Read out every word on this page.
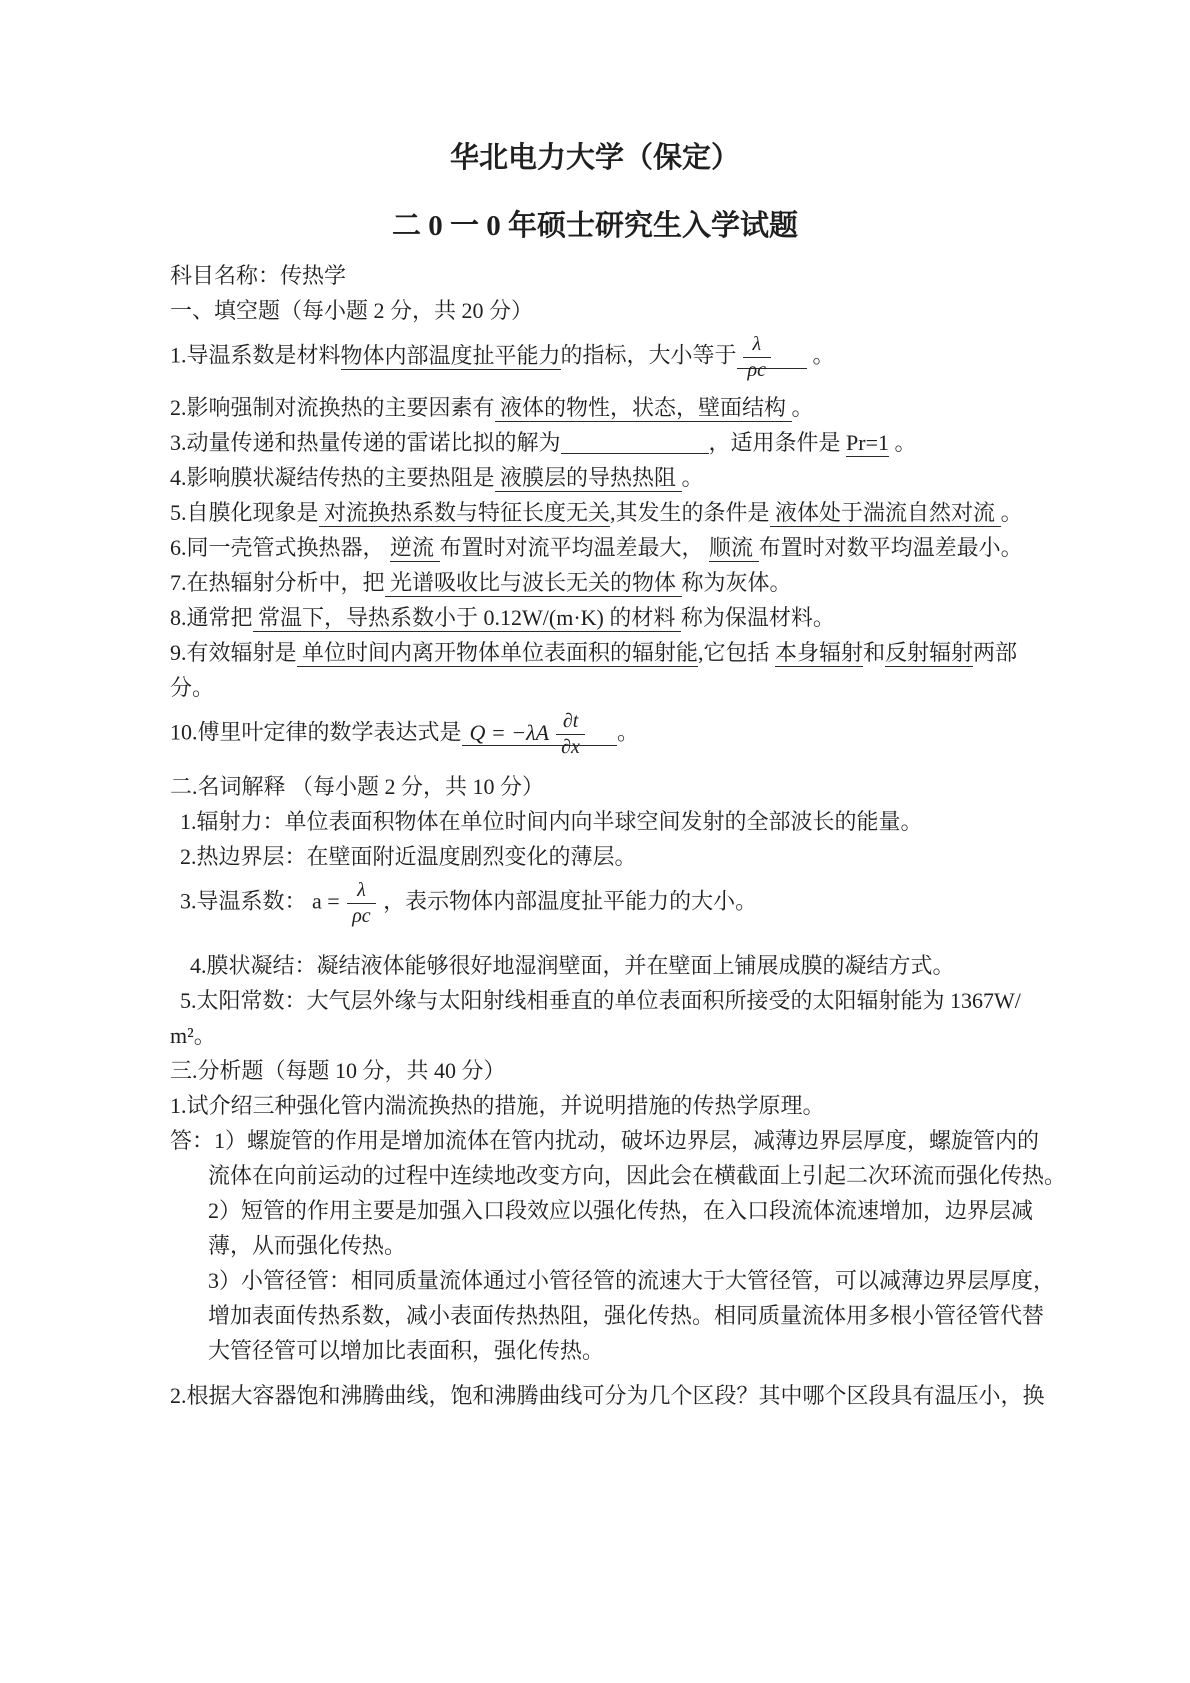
华北电力大学（保定）
二 0 一 0 年硕士研究生入学试题
科目名称：传热学
一、填空题（每小题 2 分，共 20 分）
1.导温系数是材料物体内部温度扯平能力的指标，大小等于 $\frac{\lambda}{\rho c}$ 。
2.影响强制对流换热的主要因素有 液体的物性，状态，壁面结构 。
3.动量传递和热量传递的雷诺比拟的解为	，适用条件是 Pr=1 。
4.影响膜状凝结传热的主要热阻是 液膜层的导热热阻 。
5.自膜化现象是 对流换热系数与特征长度无关,其发生的条件是 液体处于湍流自然对流 。
6.同一壳管式换热器， 逆流 布置时对流平均温差最大， 顺流 布置时对数平均温差最小。
7.在热辐射分析中，把 光谱吸收比与波长无关的物体 称为灰体。
8.通常把 常温下，导热系数小于 0.12W/(m·K) 的材料 称为保温材料。
9.有效辐射是 单位时间内离开物体单位表面积的辐射能,它包括 本身辐射和反射辐射两部
分。
10.傅里叶定律的数学表达式是 $Q = -\lambda A \frac{\partial t}{\partial x}$ 。
二.名词解释 （每小题 2 分，共 10 分）
1.辐射力：单位表面积物体在单位时间内向半球空间发射的全部波长的能量。
2.热边界层：在壁面附近温度剧烈变化的薄层。
3.导温系数： $a = \frac{\lambda}{\rho c}$ ，表示物体内部温度扯平能力的大小。
4.膜状凝结：凝结液体能够很好地湿润壁面，并在壁面上铺展成膜的凝结方式。
5.太阳常数：大气层外缘与太阳射线相垂直的单位表面积所接受的太阳辐射能为 1367W/
m²。
三.分析题（每题 10 分，共 40 分）
1.试介绍三种强化管内湍流换热的措施，并说明措施的传热学原理。
答：1）螺旋管的作用是增加流体在管内扰动，破坏边界层，减薄边界层厚度，螺旋管内的
流体在向前运动的过程中连续地改变方向，因此会在横截面上引起二次环流而强化传热。
2）短管的作用主要是加强入口段效应以强化传热，在入口段流体流速增加，边界层减
薄，从而强化传热。
3）小管径管：相同质量流体通过小管径管的流速大于大管径管，可以减薄边界层厚度，
增加表面传热系数，减小表面传热热阻，强化传热。相同质量流体用多根小管径管代替
大管径管可以增加比表面积，强化传热。
2.根据大容器饱和沸腾曲线，饱和沸腾曲线可分为几个区段？其中哪个区段具有温压小，换
